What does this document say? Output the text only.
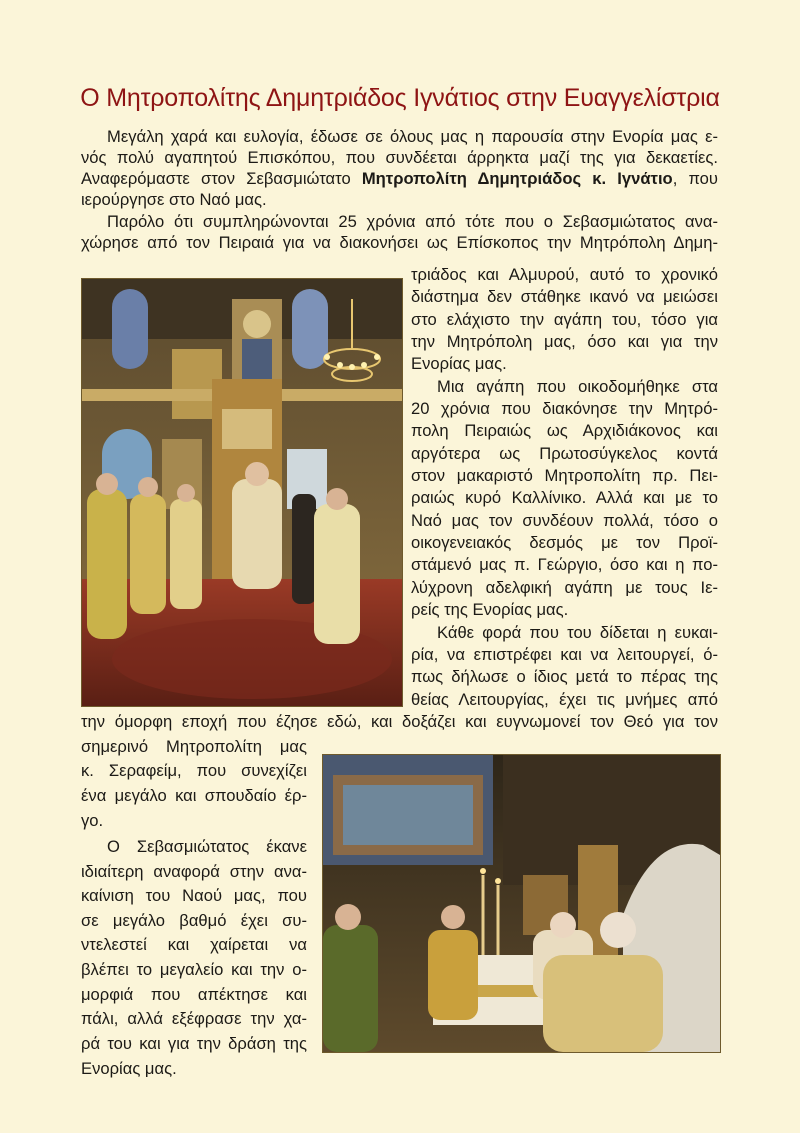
Ο Μητροπολίτης Δημητριάδος Ιγνάτιος στην Ευαγγελίστρια
Μεγάλη χαρά και ευλογία, έδωσε σε όλους μας η παρουσία στην Ενορία μας ε-
νός πολύ αγαπητού Επισκόπου, που συνδέεται άρρηκτα μαζί της για δεκαετίες.
Αναφερόμαστε στον Σεβασμιώτατο Μητροπολίτη Δημητριάδος κ. Ιγνάτιο, που
ιερούργησε στο Ναό μας.
Παρόλο ότι συμπληρώνονται 25 χρόνια από τότε που ο Σεβασμιώτατος ανα-
χώρησε από τον Πειραιά για να διακονήσει ως Επίσκοπος την Μητρόπολη Δημη-
τριάδος και Αλμυρού, αυτό το χρονικό
διάστημα δεν στάθηκε ικανό να μειώσει
στο ελάχιστο την αγάπη του, τόσο για
την Μητρόπολη μας, όσο και για την
Ενορίας μας.
Μια αγάπη που οικοδομήθηκε στα
20 χρόνια που διακόνησε την Μητρό-
πολη Πειραιώς ως Αρχιδιάκονος και
αργότερα ως Πρωτοσύγκελος κοντά
στον μακαριστό Μητροπολίτη πρ. Πει-
ραιώς κυρό Καλλίνικο. Αλλά και με το
Ναό μας τον συνδέουν πολλά, τόσο ο
οικογενειακός δεσμός με τον Προϊ-
στάμενό μας π. Γεώργιο, όσο και η πο-
λύχρονη αδελφική αγάπη με τους Ιε-
ρείς της Ενορίας μας.
Κάθε φορά που του δίδεται η ευκαι-
ρία, να επιστρέφει και να λειτουργεί, ό-
πως δήλωσε ο ίδιος μετά το πέρας της
θείας Λειτουργίας, έχει τις μνήμες από
την όμορφη εποχή που έζησε εδώ, και δοξάζει και ευγνωμονεί τον Θεό για τον
σημερινό Μητροπολίτη μας
κ. Σεραφείμ, που συνεχίζει
ένα μεγάλο και σπουδαίο έρ-
γο.
Ο Σεβασμιώτατος έκανε
ιδιαίτερη αναφορά στην ανα-
καίνιση του Ναού μας, που
σε μεγάλο βαθμό έχει συ-
ντελεστεί και χαίρεται να
βλέπει το μεγαλείο και την ο-
μορφιά που απέκτησε και
πάλι, αλλά εξέφρασε την χα-
ρά του και για την δράση της
Ενορίας μας.
